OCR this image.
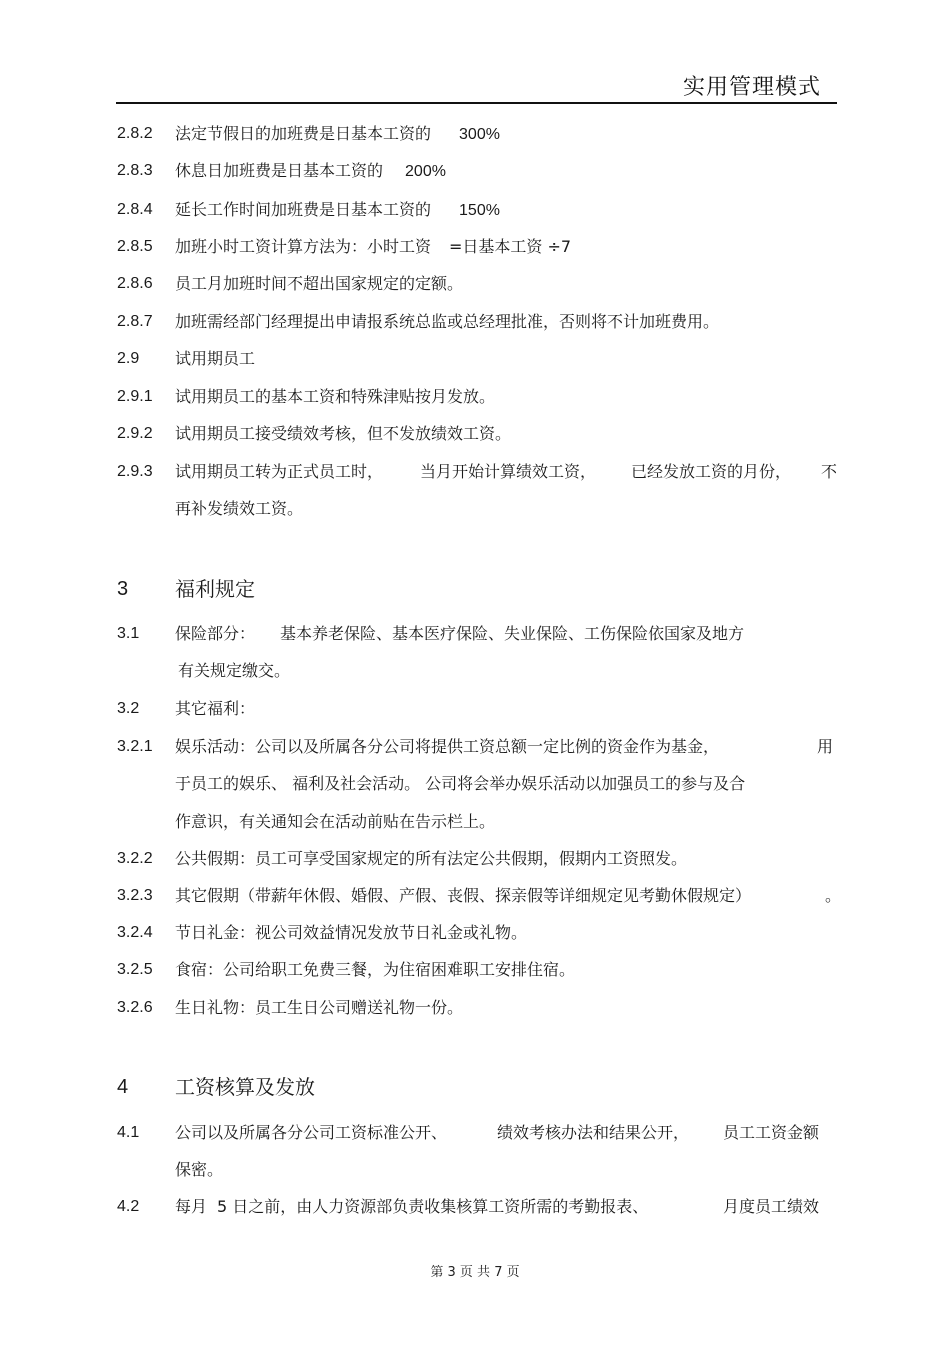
实用管理模式
2.8.2 法定节假日的加班费是日基本工资的 300%
2.8.3 休息日加班费是日基本工资的 200%
2.8.4 延长工作时间加班费是日基本工资的 150%
2.8.5 加班小时工资计算方法为：小时工资 =日基本工资 ÷7
2.8.6 员工月加班时间不超出国家规定的定额。
2.8.7 加班需经部门经理提出申请报系统总监或总经理批准，否则将不计加班费用。
2.9 试用期员工
2.9.1 试用期员工的基本工资和特殊津贴按月发放。
2.9.2 试用期员工接受绩效考核，但不发放绩效工资。
2.9.3 试用期员工转为正式员工时， 当月开始计算绩效工资， 已经发放工资的月份， 不
再补发绩效工资。
3 福利规定
3.1 保险部分： 基本养老保险、基本医疗保险、失业保险、工伤保险依国家及地方
有关规定缴交。
3.2 其它福利：
3.2.1 娱乐活动：公司以及所属各分公司将提供工资总额一定比例的资金作为基金，	用
于员工的娱乐、 福利及社会活动。 公司将会举办娱乐活动以加强员工的参与及合
作意识，有关通知会在活动前贴在告示栏上。
3.2.2 公共假期：员工可享受国家规定的所有法定公共假期，假期内工资照发。
3.2.3 其它假期（带薪年休假、婚假、产假、丧假、探亲假等详细规定见考勤休假规定）	。
3.2.4 节日礼金：视公司效益情况发放节日礼金或礼物。
3.2.5 食宿：公司给职工免费三餐，为住宿困难职工安排住宿。
3.2.6 生日礼物：员工生日公司赠送礼物一份。
4 工资核算及发放
4.1 公司以及所属各分公司工资标准公开、	绩效考核办法和结果公开， 员工工资金额
保密。
4.2 每月 5 日之前，由人力资源部负责收集核算工资所需的考勤报表、	月度员工绩效
第 3 页 共 7 页
